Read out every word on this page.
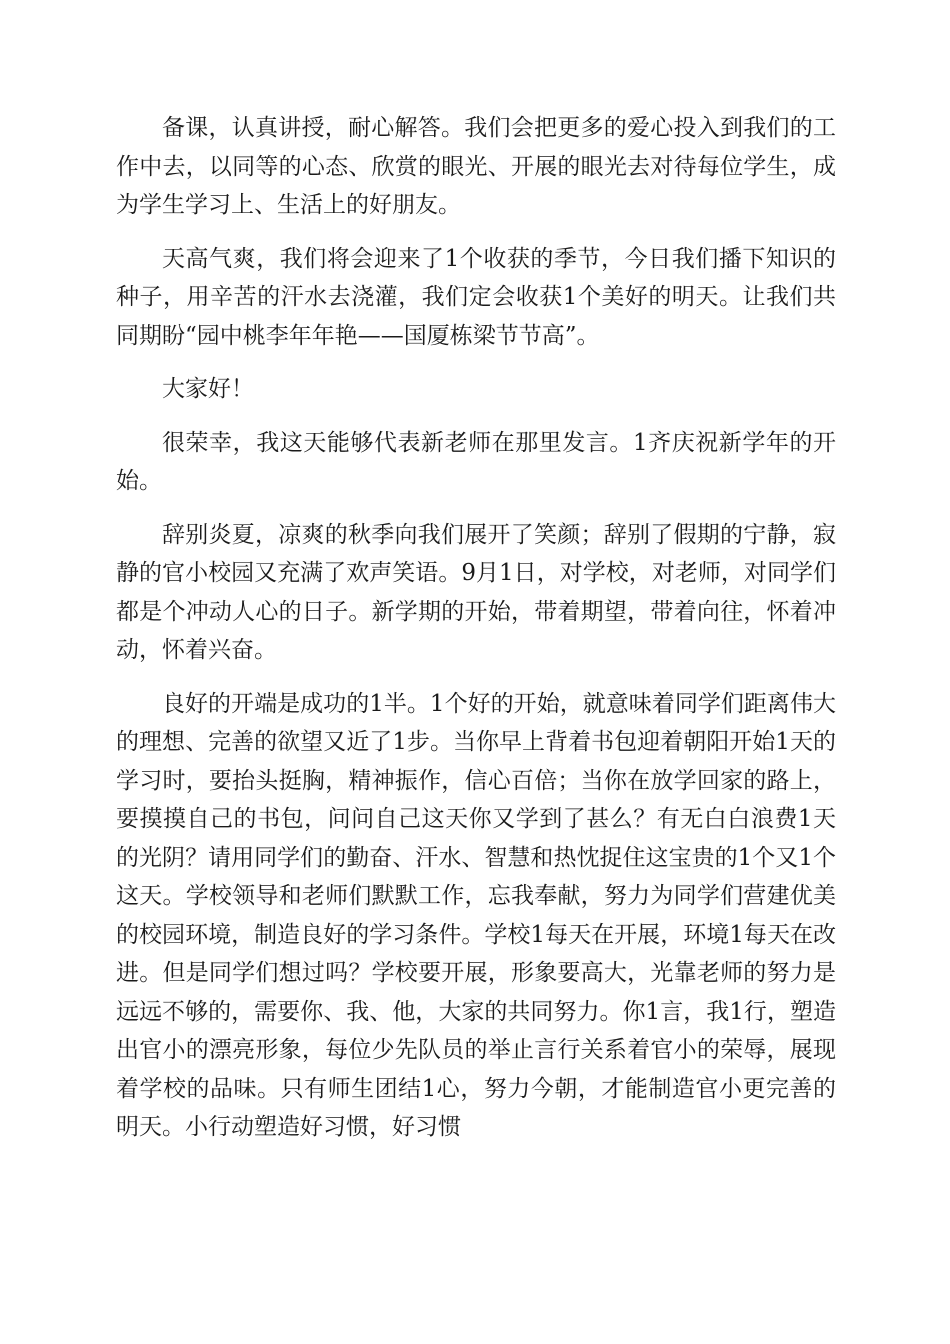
备课，认真讲授，耐心解答。我们会把更多的爱心投入到我们的工作中去，以同等的心态、欣赏的眼光、开展的眼光去对待每位学生，成为学生学习上、生活上的好朋友。

天高气爽，我们将会迎来了1个收获的季节，今日我们播下知识的种子，用辛苦的汗水去浇灌，我们定会收获1个美好的明天。让我们共同期盼“园中桃李年年艳——国厦栋梁节节高”。

大家好！

很荣幸，我这天能够代表新老师在那里发言。1齐庆祝新学年的开始。

辞别炎夏，凉爽的秋季向我们展开了笑颜；辞别了假期的宁静，寂静的官小校园又充满了欢声笑语。9月1日，对学校，对老师，对同学们都是个冲动人心的日子。新学期的开始，带着期望，带着向往，怀着冲动，怀着兴奋。

良好的开端是成功的1半。1个好的开始，就意味着同学们距离伟大的理想、完善的欲望又近了1步。当你早上背着书包迎着朝阳开始1天的学习时，要抬头挺胸，精神振作，信心百倍；当你在放学回家的路上，要摸摸自己的书包，问问自己这天你又学到了甚么？有无白白浪费1天的光阴？请用同学们的勤奋、汗水、智慧和热忱捉住这宝贵的1个又1个这天。学校领导和老师们默默工作，忘我奉献，努力为同学们营建优美的校园环境，制造良好的学习条件。学校1每天在开展，环境1每天在改进。但是同学们想过吗？学校要开展，形象要高大，光靠老师的努力是远远不够的，需要你、我、他，大家的共同努力。你1言，我1行，塑造出官小的漂亮形象，每位少先队员的举止言行关系着官小的荣辱，展现着学校的品味。只有师生团结1心，努力今朝，才能制造官小更完善的明天。小行动塑造好习惯，好习惯
